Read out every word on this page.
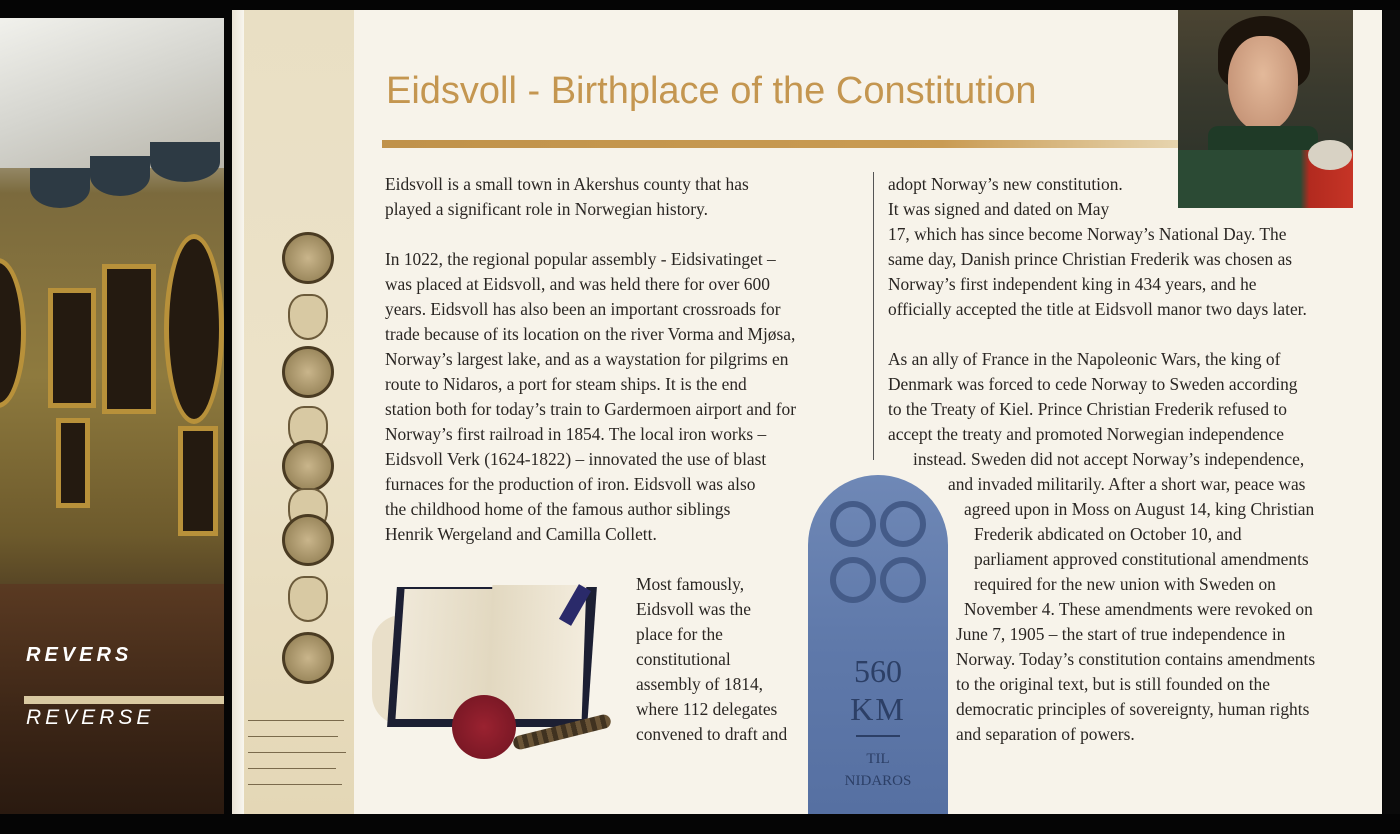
REVERS
REVERSE
Eidsvoll - Birthplace of the Constitution

Eidsvoll is a small town in Akershus county that has
played a significant role in Norwegian history.

In 1022, the regional popular assembly - Eidsivatinget –
was placed at Eidsvoll, and was held there for over 600
years. Eidsvoll has also been an important crossroads for
trade because of its location on the river Vorma and Mjøsa,
Norway’s largest lake, and as a waystation for pilgrims en
route to Nidaros, a port for steam ships. It is the end
station both for today’s train to Gardermoen airport and for
Norway’s first railroad in 1854. The local iron works –
Eidsvoll Verk (1624-1822) – innovated the use of blast
furnaces for the production of iron. Eidsvoll was also
the childhood home of the famous author siblings
Henrik Wergeland and Camilla Collett.

Most famously,
Eidsvoll was the
place for the
constitutional
assembly of 1814,
where 112 delegates
convened to draft and
adopt Norway’s new constitution.
It was signed and dated on May
17, which has since become Norway’s National Day. The
same day, Danish prince Christian Frederik was chosen as
Norway’s first independent king in 434 years, and he
officially accepted the title at Eidsvoll manor two days later.
As an ally of France in the Napoleonic Wars, the king of
Denmark was forced to cede Norway to Sweden according
to the Treaty of Kiel. Prince Christian Frederik refused to
accept the treaty and promoted Norwegian independence
instead. Sweden did not accept Norway’s independence,
and invaded militarily. After a short war, peace was
agreed upon in Moss on August 14, king Christian
Frederik abdicated on October 10, and
parliament approved constitutional amendments
required for the new union with Sweden on
November 4. These amendments were revoked on
June 7, 1905 – the start of true independence in
Norway. Today’s constitution contains amendments
to the original text, but is still founded on the
democratic principles of sovereignty, human rights
and separation of powers.
560
KM
TIL
NIDAROS
